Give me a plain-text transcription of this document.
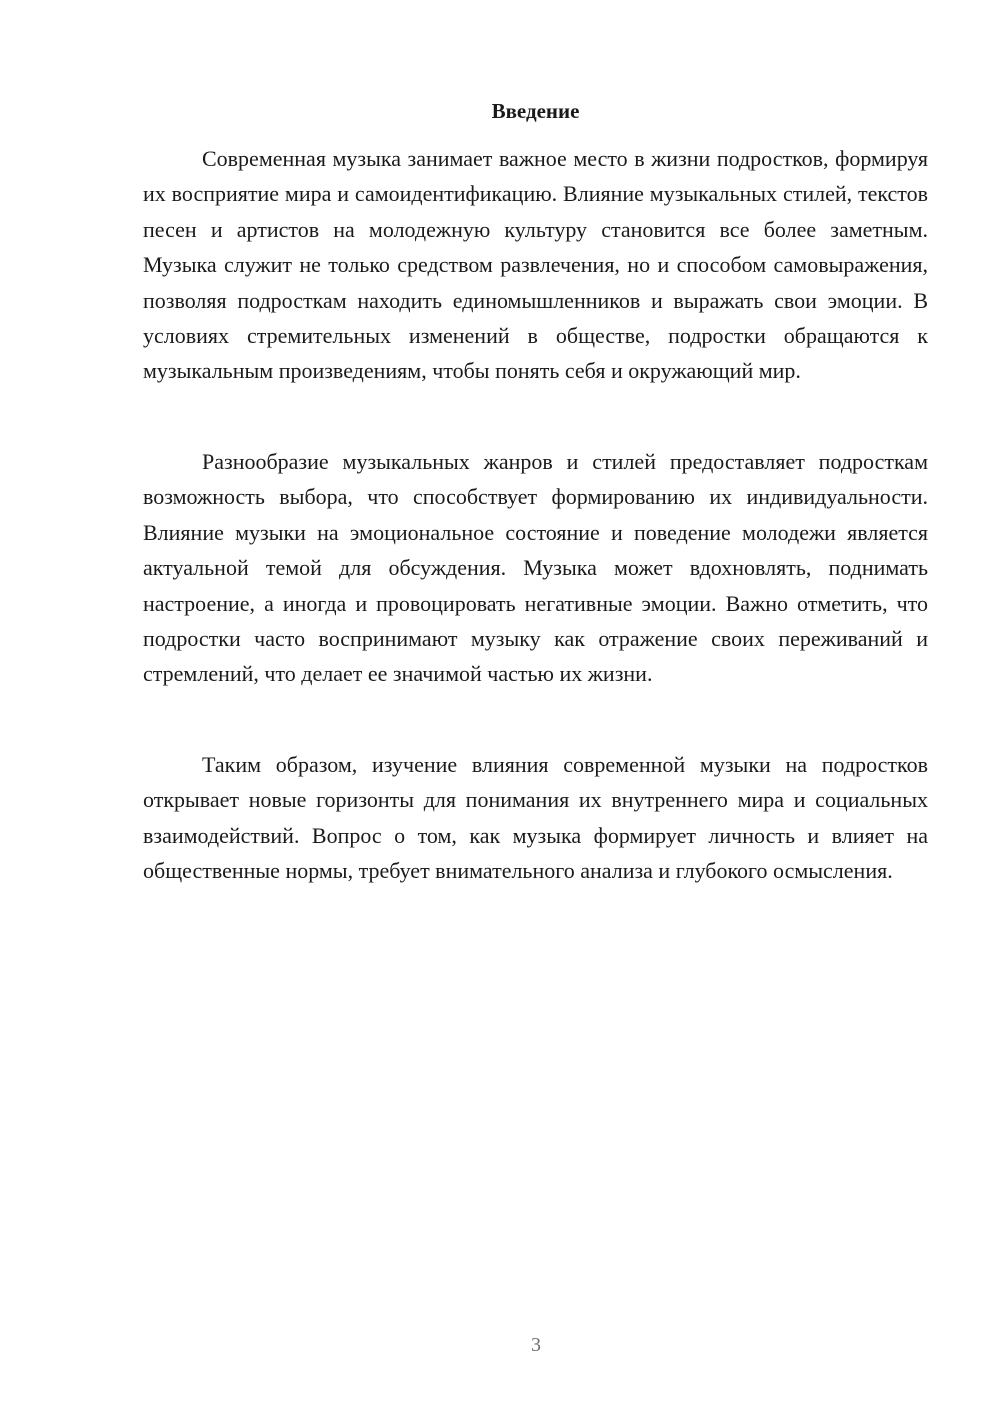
Введение

Современная музыка занимает важное место в жизни подростков, формируя их восприятие мира и самоидентификацию. Влияние музыкальных стилей, текстов песен и артистов на молодежную культуру становится все более заметным. Музыка служит не только средством развлечения, но и способом самовыражения, позволяя подросткам находить единомышленников и выражать свои эмоции. В условиях стремительных изменений в обществе, подростки обращаются к музыкальным произведениям, чтобы понять себя и окружающий мир.

Разнообразие музыкальных жанров и стилей предоставляет подросткам возможность выбора, что способствует формированию их индивидуальности. Влияние музыки на эмоциональное состояние и поведение молодежи является актуальной темой для обсуждения. Музыка может вдохновлять, поднимать настроение, а иногда и провоцировать негативные эмоции. Важно отметить, что подростки часто воспринимают музыку как отражение своих переживаний и стремлений, что делает ее значимой частью их жизни.

Таким образом, изучение влияния современной музыки на подростков открывает новые горизонты для понимания их внутреннего мира и социальных взаимодействий. Вопрос о том, как музыка формирует личность и влияет на общественные нормы, требует внимательного анализа и глубокого осмысления.

3
